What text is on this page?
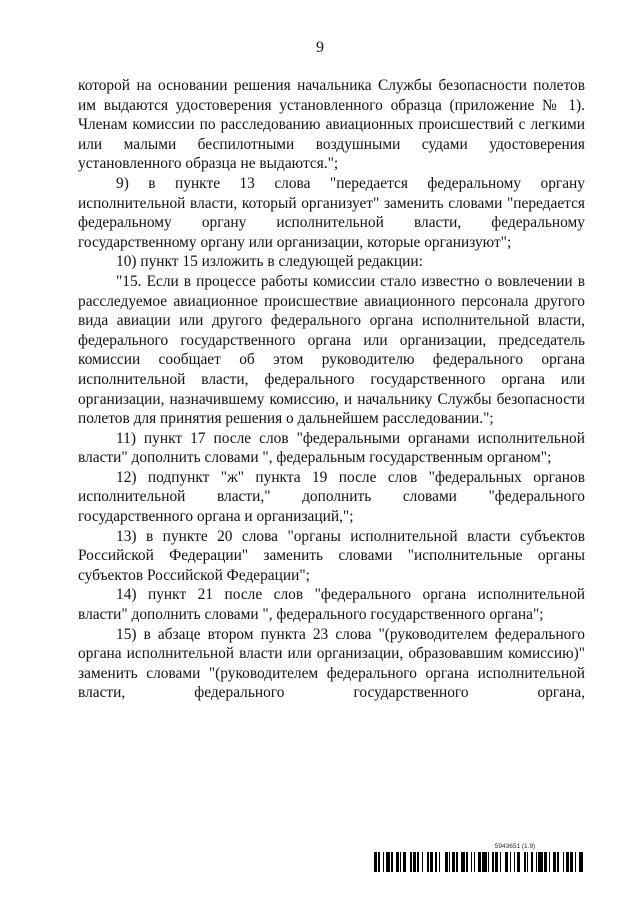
9

которой на основании решения начальника Службы безопасности полетов им выдаются удостоверения установленного образца (приложение № 1). Членам комиссии по расследованию авиационных происшествий с легкими или малыми беспилотными воздушными судами удостоверения установленного образца не выдаются.";

9) в пункте 13 слова "передается федеральному органу исполнительной власти, который организует" заменить словами "передается федеральному органу исполнительной власти, федеральному государственному органу или организации, которые организуют";

10) пункт 15 изложить в следующей редакции:

"15. Если в процессе работы комиссии стало известно о вовлечении в расследуемое авиационное происшествие авиационного персонала другого вида авиации или другого федерального органа исполнительной власти, федерального государственного органа или организации, председатель комиссии сообщает об этом руководителю федерального органа исполнительной власти, федерального государственного органа или организации, назначившему комиссию, и начальнику Службы безопасности полетов для принятия решения о дальнейшем расследовании.";

11) пункт 17 после слов "федеральными органами исполнительной власти" дополнить словами ", федеральным государственным органом";

12) подпункт "ж" пункта 19 после слов "федеральных органов исполнительной власти," дополнить словами "федерального государственного органа и организаций,";

13) в пункте 20 слова "органы исполнительной власти субъектов Российской Федерации" заменить словами "исполнительные органы субъектов Российской Федерации";

14) пункт 21 после слов "федерального органа исполнительной власти" дополнить словами ", федерального государственного органа";

15) в абзаце втором пункта 23 слова "(руководителем федерального органа исполнительной власти или организации, образовавшим комиссию)" заменить словами "(руководителем федерального органа исполнительной власти, федерального государственного органа,

5943651 (1.9)
